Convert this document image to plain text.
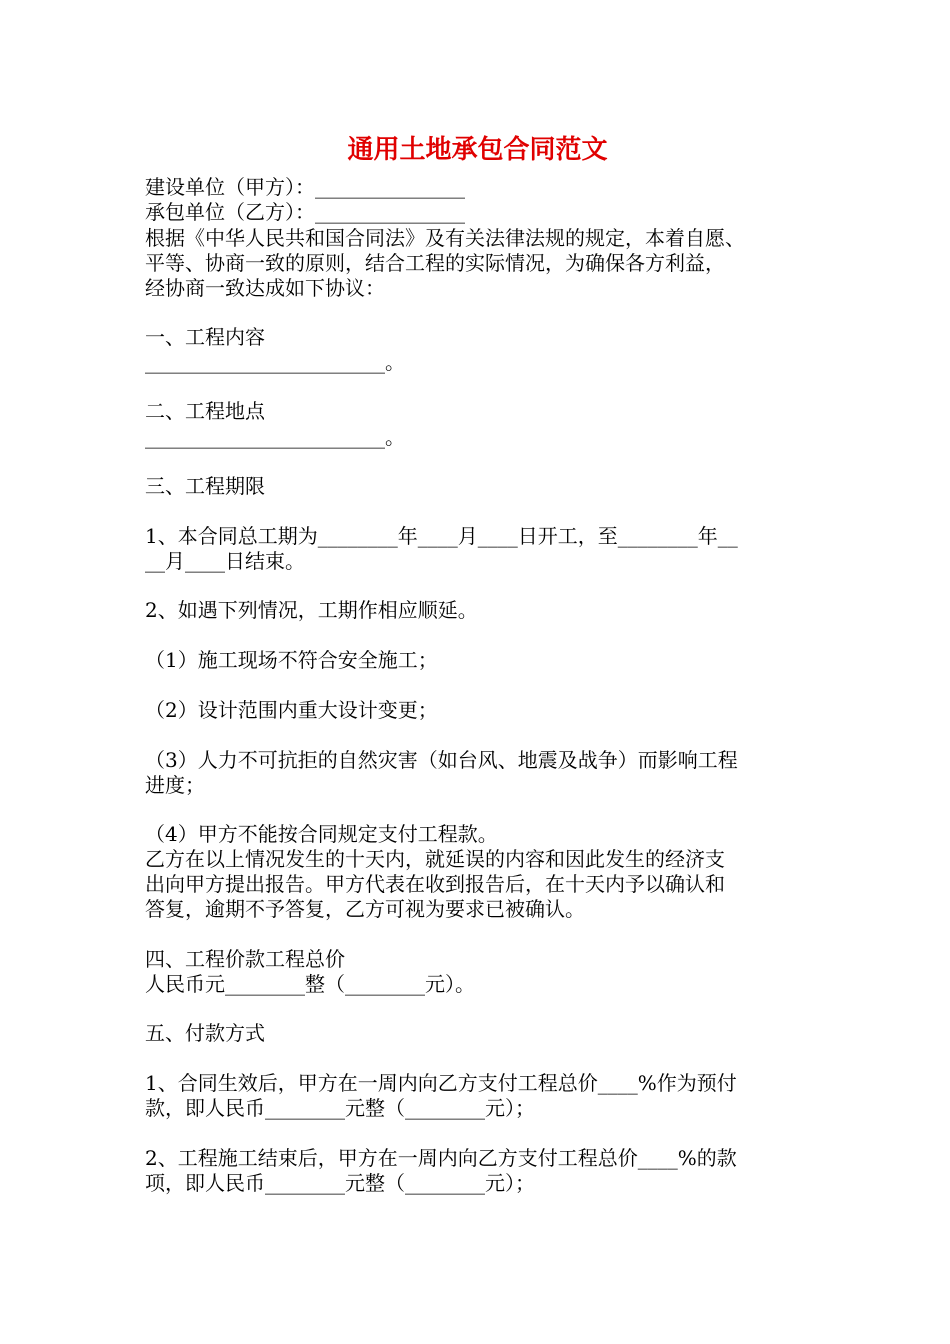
通用土地承包合同范文
建设单位（甲方）：_______________
承包单位（乙方）：_______________
根据《中华人民共和国合同法》及有关法律法规的规定，本着自愿、
平等、协商一致的原则，结合工程的实际情况，为确保各方利益，
经协商一致达成如下协议：
一、工程内容
________________________。
二、工程地点
________________________。
三、工程期限
1、本合同总工期为________年____月____日开工，至________年__
__月____日结束。
2、如遇下列情况，工期作相应顺延。
（1）施工现场不符合安全施工；
（2）设计范围内重大设计变更；
（3）人力不可抗拒的自然灾害（如台风、地震及战争）而影响工程
进度；
（4）甲方不能按合同规定支付工程款。
乙方在以上情况发生的十天内，就延误的内容和因此发生的经济支
出向甲方提出报告。甲方代表在收到报告后，在十天内予以确认和
答复，逾期不予答复，乙方可视为要求已被确认。
四、工程价款工程总价
人民币元________整（________元）。
五、付款方式
1、合同生效后，甲方在一周内向乙方支付工程总价____%作为预付
款，即人民币________元整（________元）；
2、工程施工结束后，甲方在一周内向乙方支付工程总价____%的款
项，即人民币________元整（________元）；
